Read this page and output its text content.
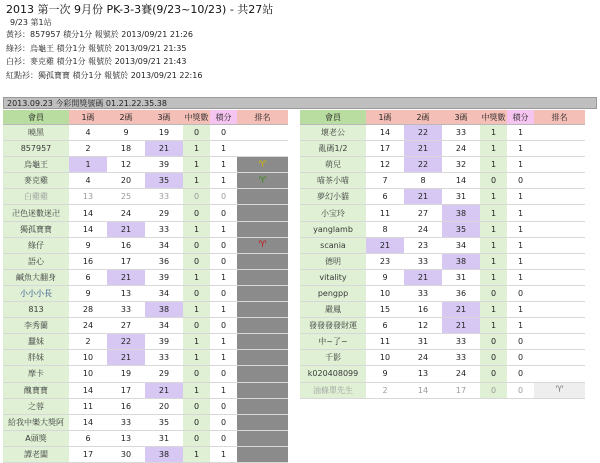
2013 第一次 9月份 PK-3-3賽(9/23~10/23) - 共27站
9/23 第1站
黃衫：857957 積分1分 報號於 2013/09/21 21:26
綠衫：烏龜王 積分1分 報號於 2013/09/21 21:35
白衫：麥克雞 積分1分 報號於 2013/09/21 21:43
紅點衫：獨孤寶寶 積分1分 報號於 2013/09/21 22:16
2013.09.23 今彩開獎號碼 01.21.22.35.38
會員	1碼	2碼	3碼	中獎數	積分	排名
曉黑	4	9	19	0	0	
857957	2	18	21	1	1	
烏龜王	1	12	39	1	1	♈
麥克雞	4	20	35	1	1	♈
白雞雞	13	25	33	0	0	♈
卍色迷數迷卍	14	24	29	0	0	
獨孤寶寶	14	21	33	1	1	
綠仔	9	16	34	0	0	♈
語心	16	17	36	0	0	
鹹魚大翻身	6	21	39	1	1	
小小小長	9	13	34	0	0	
813	28	33	38	1	1	
李秀蘭	24	27	34	0	0	
蠶妹	2	22	39	1	1	
胖妹	10	21	33	1	1	
摩卡	10	19	29	0	0	
醜寶寶	14	17	21	1	1	
之蓉	11	16	20	0	0	
給我中樂大獎阿	14	33	35	0	0	
A頭獎	6	13	31	0	0	
譚老闆	17	30	38	1	1	
會員	1碼	2碼	3碼	中獎數	積分	排名
壞老公	14	22	33	1	1	
亂碼1/2	17	21	24	1	1	
萌兒	12	22	32	1	1	
喵茶小喵	7	8	14	0	0	
夢幻小貓	6	21	31	1	1	
小宝玲	11	27	38	1	1	
yanglamb	8	24	35	1	1	
scania	21	23	34	1	1	
德明	23	33	38	1	1	
vitality	9	21	31	1	1	
pengpp	10	33	36	0	0	
嚴鳳	15	16	21	1	1	
發發發發財運	6	12	21	1	1	
中~了~	11	31	33	0	0	
千影	10	24	33	0	0	
k020408099	9	13	24	0	0	
油條單先生	2	14	17	0	0	♈
